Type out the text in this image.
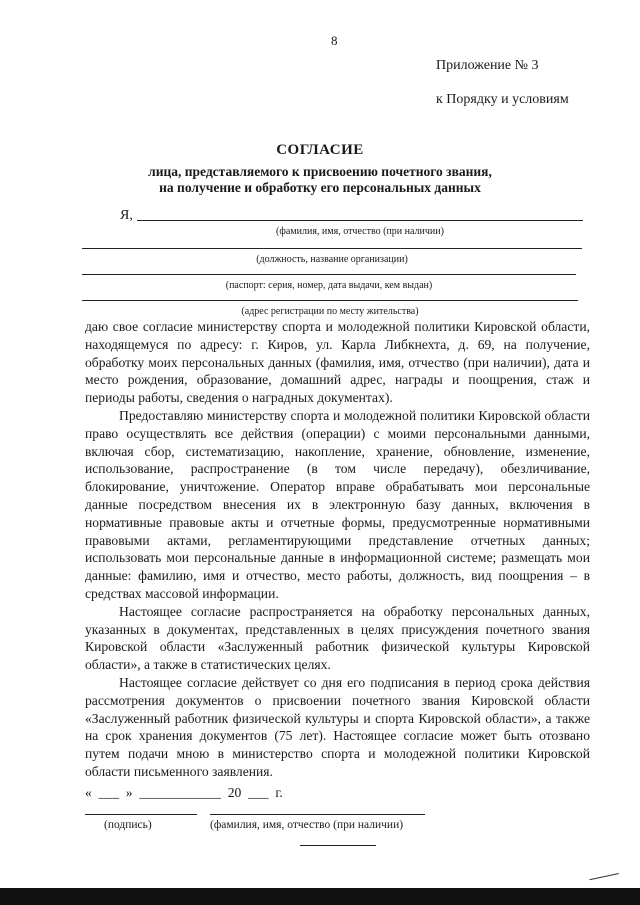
8
Приложение № 3
к Порядку и условиям
СОГЛАСИЕ
лица, представляемого к присвоению почетного звания,
на получение и обработку его персональных данных
Я,
(фамилия, имя, отчество (при наличии)
(должность, название организации)
(паспорт: серия, номер, дата выдачи, кем выдан)
(адрес регистрации по месту жительства)

даю свое согласие министерству спорта и молодежной политики Кировской области, находящемуся по адресу: г. Киров, ул. Карла Либкнехта, д. 69, на получение, обработку моих персональных данных (фамилия, имя, отчество (при наличии), дата и место рождения, образование, домашний адрес, награды и поощрения, стаж и периоды работы, сведения о наградных документах).

Предоставляю министерству спорта и молодежной политики Кировской области право осуществлять все действия (операции) с моими персональными данными, включая сбор, систематизацию, накопление, хранение, обновление, изменение, использование, распространение (в том числе передачу), обезличивание, блокирование, уничтожение. Оператор вправе обрабатывать мои персональные данные посредством внесения их в электронную базу данных, включения в нормативные правовые акты и отчетные формы, предусмотренные нормативными правовыми актами, регламентирующими представление отчетных данных; использовать мои персональные данные в информационной системе; размещать мои данные: фамилию, имя и отчество, место работы, должность, вид поощрения – в средствах массовой информации.

Настоящее согласие распространяется на обработку персональных данных, указанных в документах, представленных в целях присуждения почетного звания Кировской области «Заслуженный работник физической культуры Кировской области», а также в статистических целях.

Настоящее согласие действует со дня его подписания в период срока действия рассмотрения документов о присвоении почетного звания Кировской области «Заслуженный работник физической культуры и спорта Кировской области», а также на срок хранения документов (75 лет). Настоящее согласие может быть отозвано путем подачи мною в министерство спорта и молодежной политики Кировской области письменного заявления.

«  ___  »  ____________  20  ___  г.
(подпись)	(фамилия, имя, отчество (при наличии)
